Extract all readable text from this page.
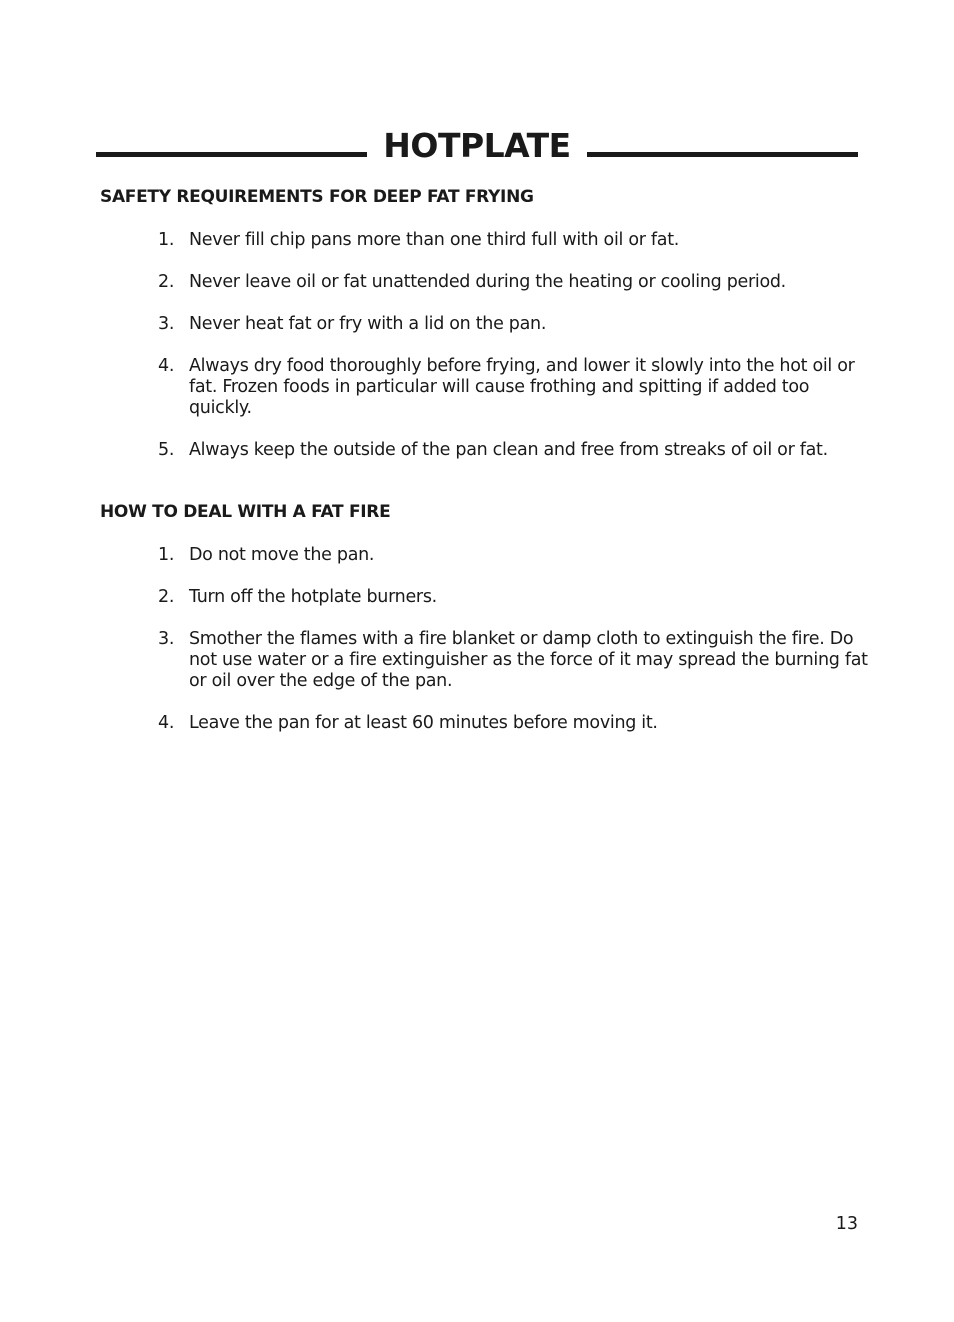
HOTPLATE
SAFETY REQUIREMENTS FOR DEEP FAT FRYING
1. Never fill chip pans more than one third full with oil or fat.
2. Never leave oil or fat unattended during the heating or cooling period.
3. Never heat fat or fry with a lid on the pan.
4. Always dry food thoroughly before frying, and lower it slowly into the hot oil or fat. Frozen foods in particular will cause frothing and spitting if added too quickly.
5. Always keep the outside of the pan clean and free from streaks of oil or fat.
HOW TO DEAL WITH A FAT FIRE
1. Do not move the pan.
2. Turn off the hotplate burners.
3. Smother the flames with a fire blanket or damp cloth to extinguish the fire. Do not use water or a fire extinguisher as the force of it may spread the burning fat or oil over the edge of the pan.
4. Leave the pan for at least 60 minutes before moving it.
13
